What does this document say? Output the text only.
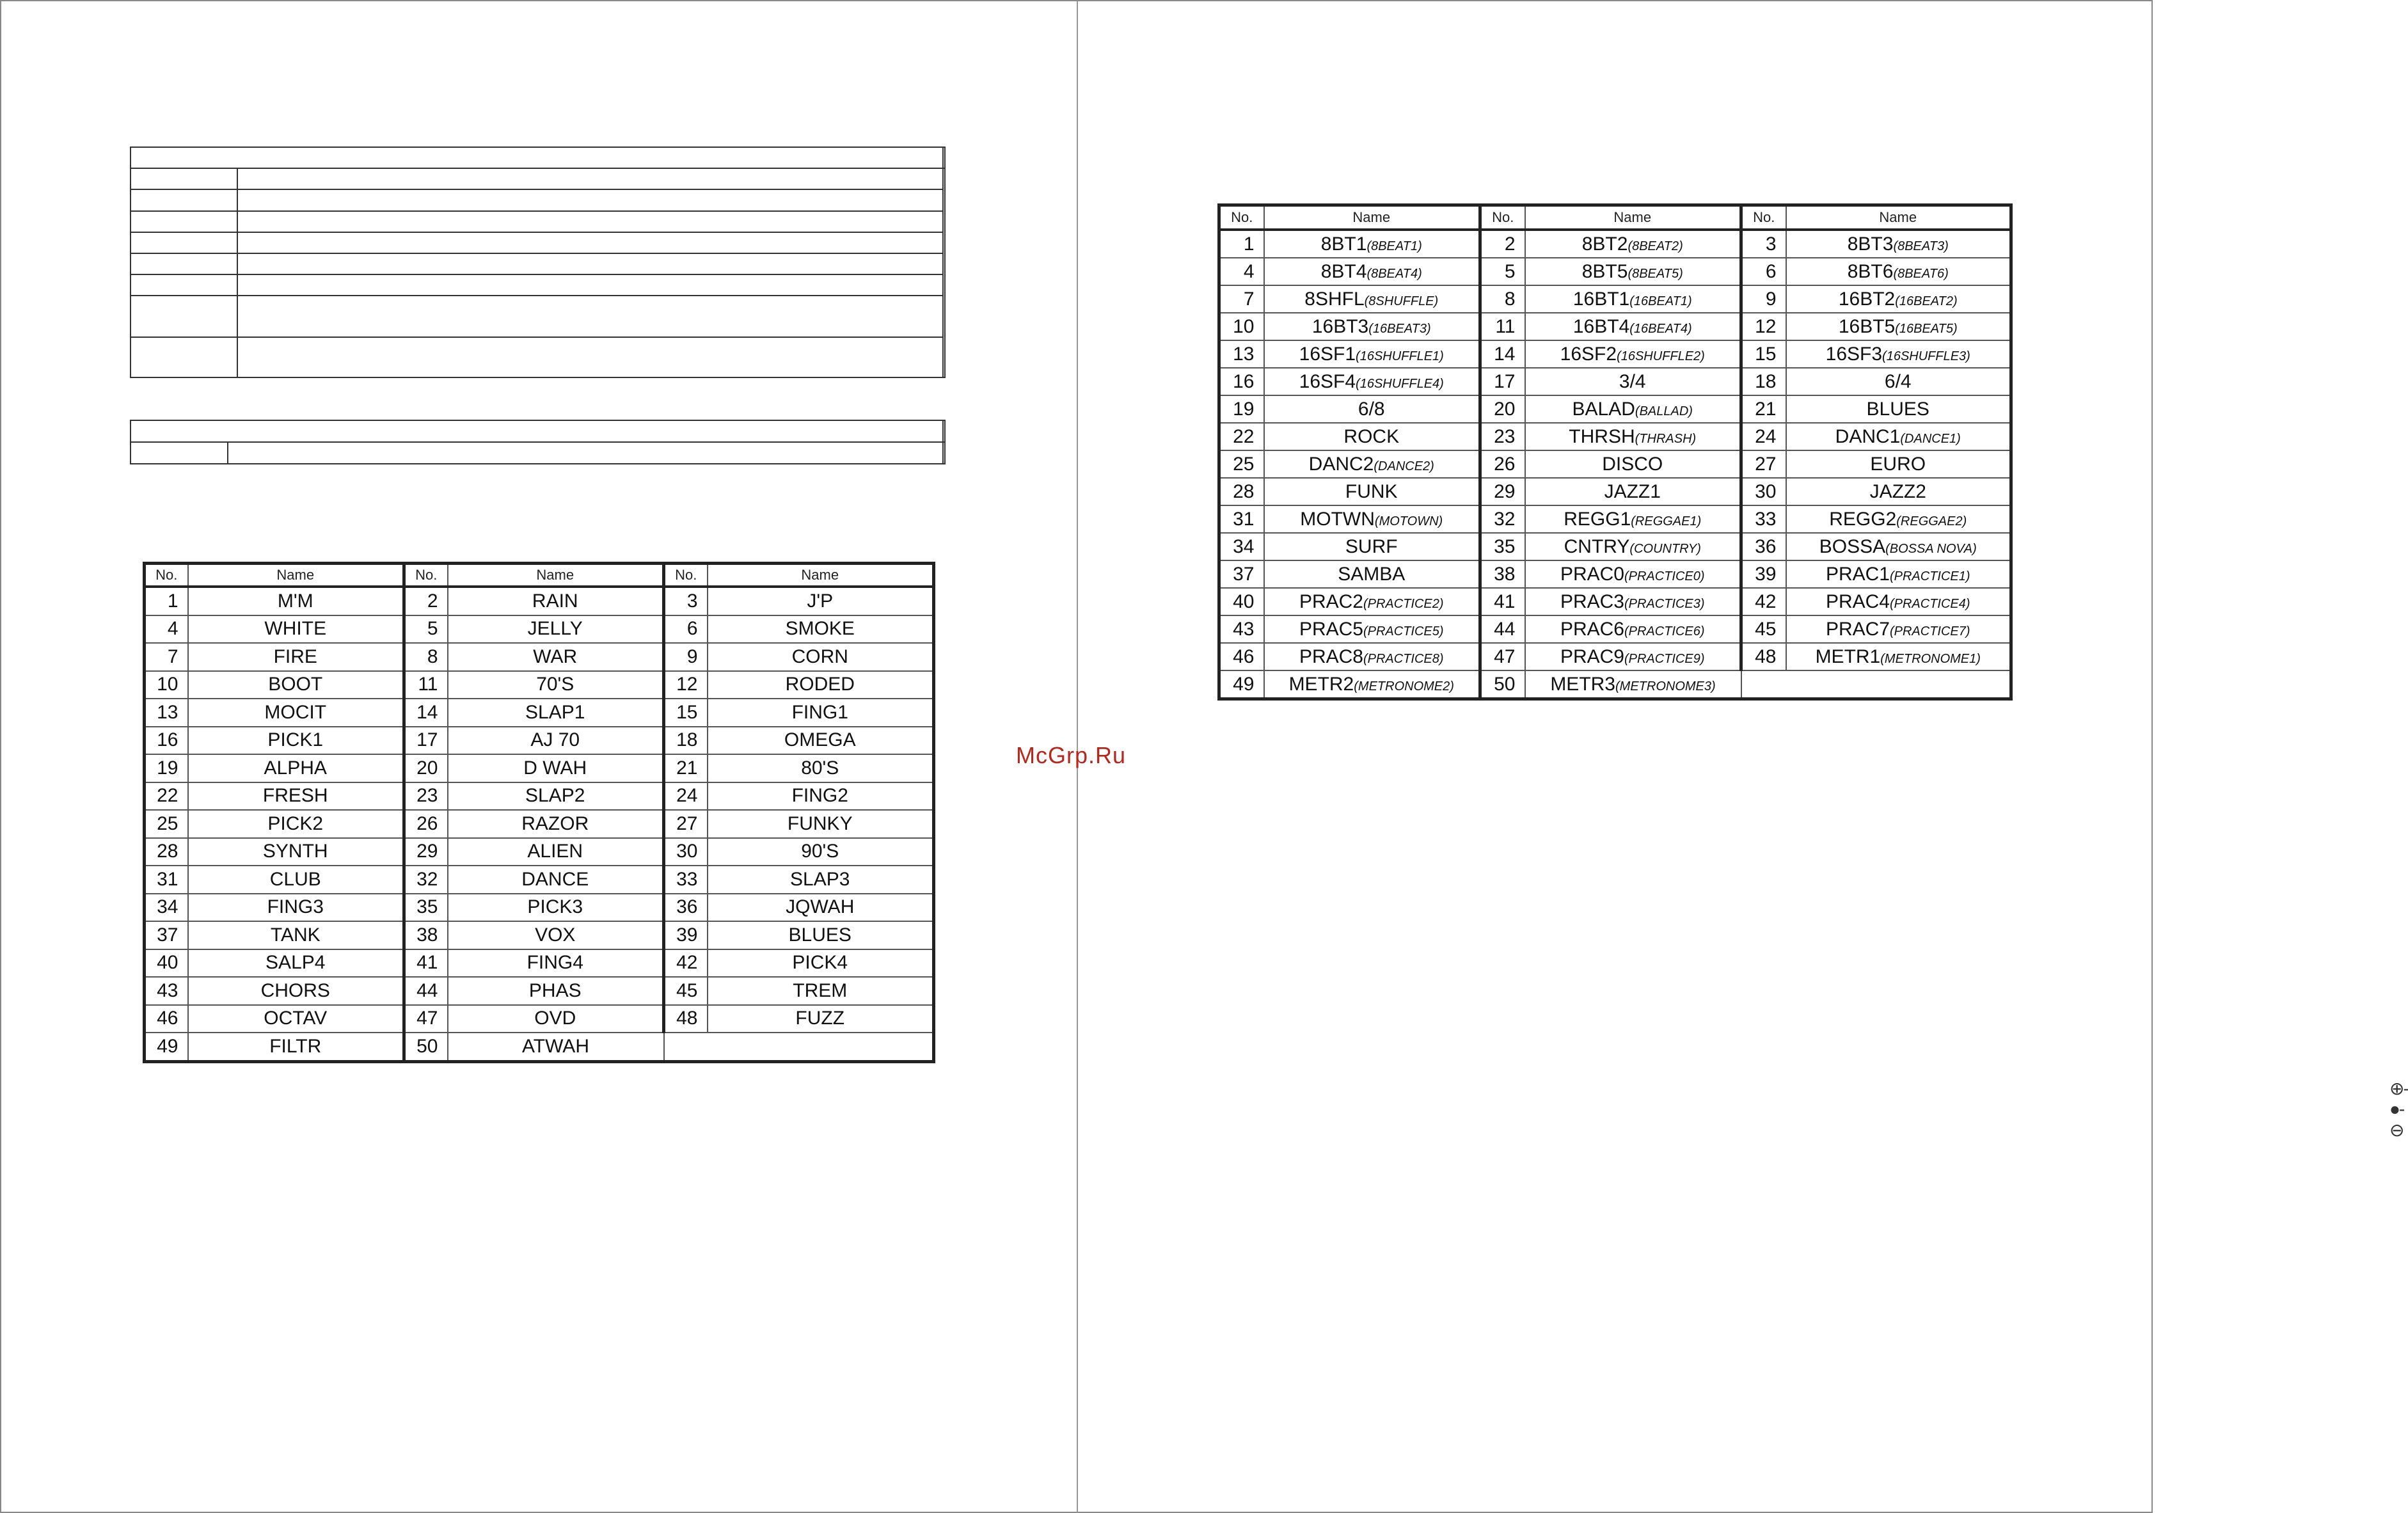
No.	Name	No.	Name	No.	Name
1	M'M	2	RAIN	3	J'P
4	WHITE	5	JELLY	6	SMOKE
7	FIRE	8	WAR	9	CORN
10	BOOT	11	70'S	12	RODED
13	MOCIT	14	SLAP1	15	FING1
16	PICK1	17	AJ 70	18	OMEGA
19	ALPHA	20	D WAH	21	80'S
22	FRESH	23	SLAP2	24	FING2
25	PICK2	26	RAZOR	27	FUNKY
28	SYNTH	29	ALIEN	30	90'S
31	CLUB	32	DANCE	33	SLAP3
34	FING3	35	PICK3	36	JQWAH
37	TANK	38	VOX	39	BLUES
40	SALP4	41	FING4	42	PICK4
43	CHORS	44	PHAS	45	TREM
46	OCTAV	47	OVD	48	FUZZ
49	FILTR	50	ATWAH		
No.	Name	No.	Name	No.	Name
1	8BT1(8BEAT1)	2	8BT2(8BEAT2)	3	8BT3(8BEAT3)
4	8BT4(8BEAT4)	5	8BT5(8BEAT5)	6	8BT6(8BEAT6)
7	8SHFL(8SHUFFLE)	8	16BT1(16BEAT1)	9	16BT2(16BEAT2)
10	16BT3(16BEAT3)	11	16BT4(16BEAT4)	12	16BT5(16BEAT5)
13	16SF1(16SHUFFLE1)	14	16SF2(16SHUFFLE2)	15	16SF3(16SHUFFLE3)
16	16SF4(16SHUFFLE4)	17	3/4	18	6/4
19	6/8	20	BALAD(BALLAD)	21	BLUES
22	ROCK	23	THRSH(THRASH)	24	DANC1(DANCE1)
25	DANC2(DANCE2)	26	DISCO	27	EURO
28	FUNK	29	JAZZ1	30	JAZZ2
31	MOTWN(MOTOWN)	32	REGG1(REGGAE1)	33	REGG2(REGGAE2)
34	SURF	35	CNTRY(COUNTRY)	36	BOSSA(BOSSA NOVA)
37	SAMBA	38	PRAC0(PRACTICE0)	39	PRAC1(PRACTICE1)
40	PRAC2(PRACTICE2)	41	PRAC3(PRACTICE3)	42	PRAC4(PRACTICE4)
43	PRAC5(PRACTICE5)	44	PRAC6(PRACTICE6)	45	PRAC7(PRACTICE7)
46	PRAC8(PRACTICE8)	47	PRAC9(PRACTICE9)	48	METR1(METRONOME1)
49	METR2(METRONOME2)	50	METR3(METRONOME3)		
⊕-●-⊖
McGrp.Ru
